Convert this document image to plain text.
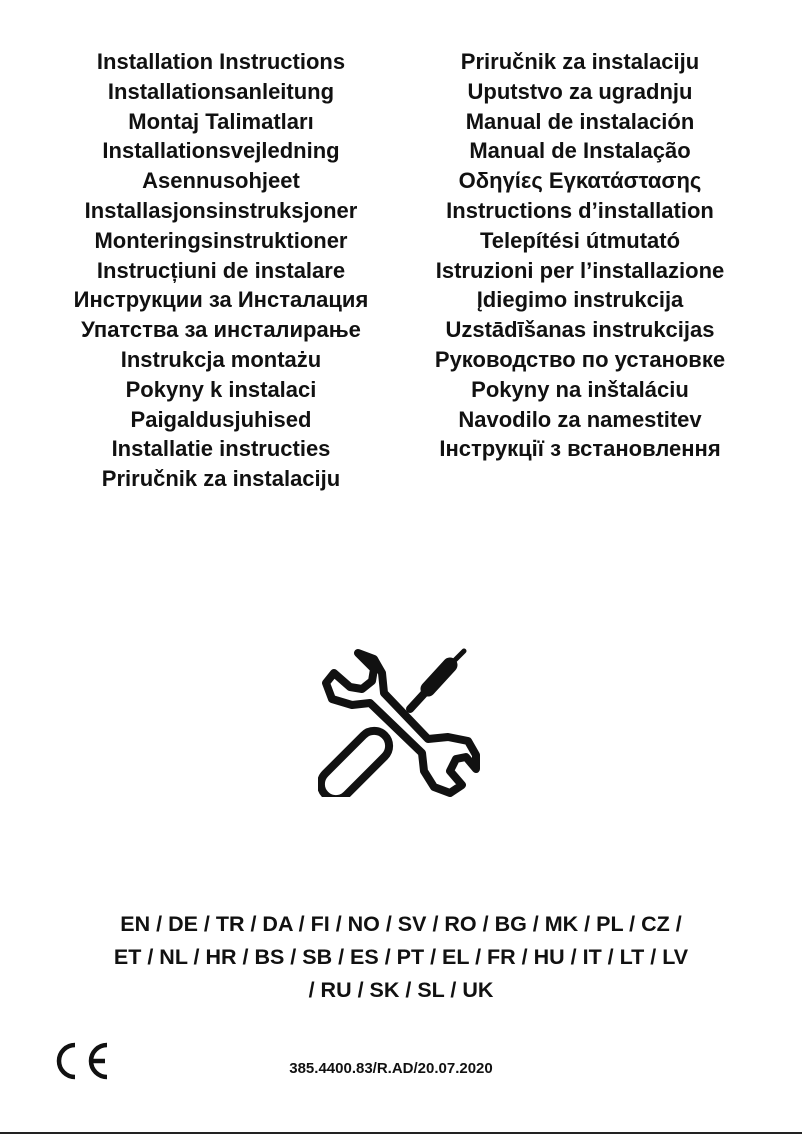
Installation Instructions
Installationsanleitung
Montaj Talimatları
Installationsvejledning
Asennusohjeet
Installasjonsinstruksjoner
Monteringsinstruktioner
Instrucțiuni de instalare
Инструкции за Инсталация
Упатства за инсталирање
Instrukcja montażu
Pokyny k instalaci
Paigaldusjuhised
Installatie instructies
Priručnik za instalaciju
Priručnik za instalaciju
Uputstvo za ugradnju
Manual de instalación
Manual de Instalação
Οδηγίες Εγκατάστασης
Instructions d’installation
Telepítési útmutató
Istruzioni per l’installazione
Įdiegimo instrukcija
Uzstādīšanas instrukcijas
Руководство по установке
Pokyny na inštaláciu
Navodilo za namestitev
Інструкції з встановлення
EN / DE / TR / DA / FI / NO / SV / RO / BG / MK / PL / CZ /
ET / NL / HR / BS / SB / ES / PT / EL / FR / HU / IT / LT / LV
/ RU / SK / SL / UK
385.4400.83/R.AD/20.07.2020
